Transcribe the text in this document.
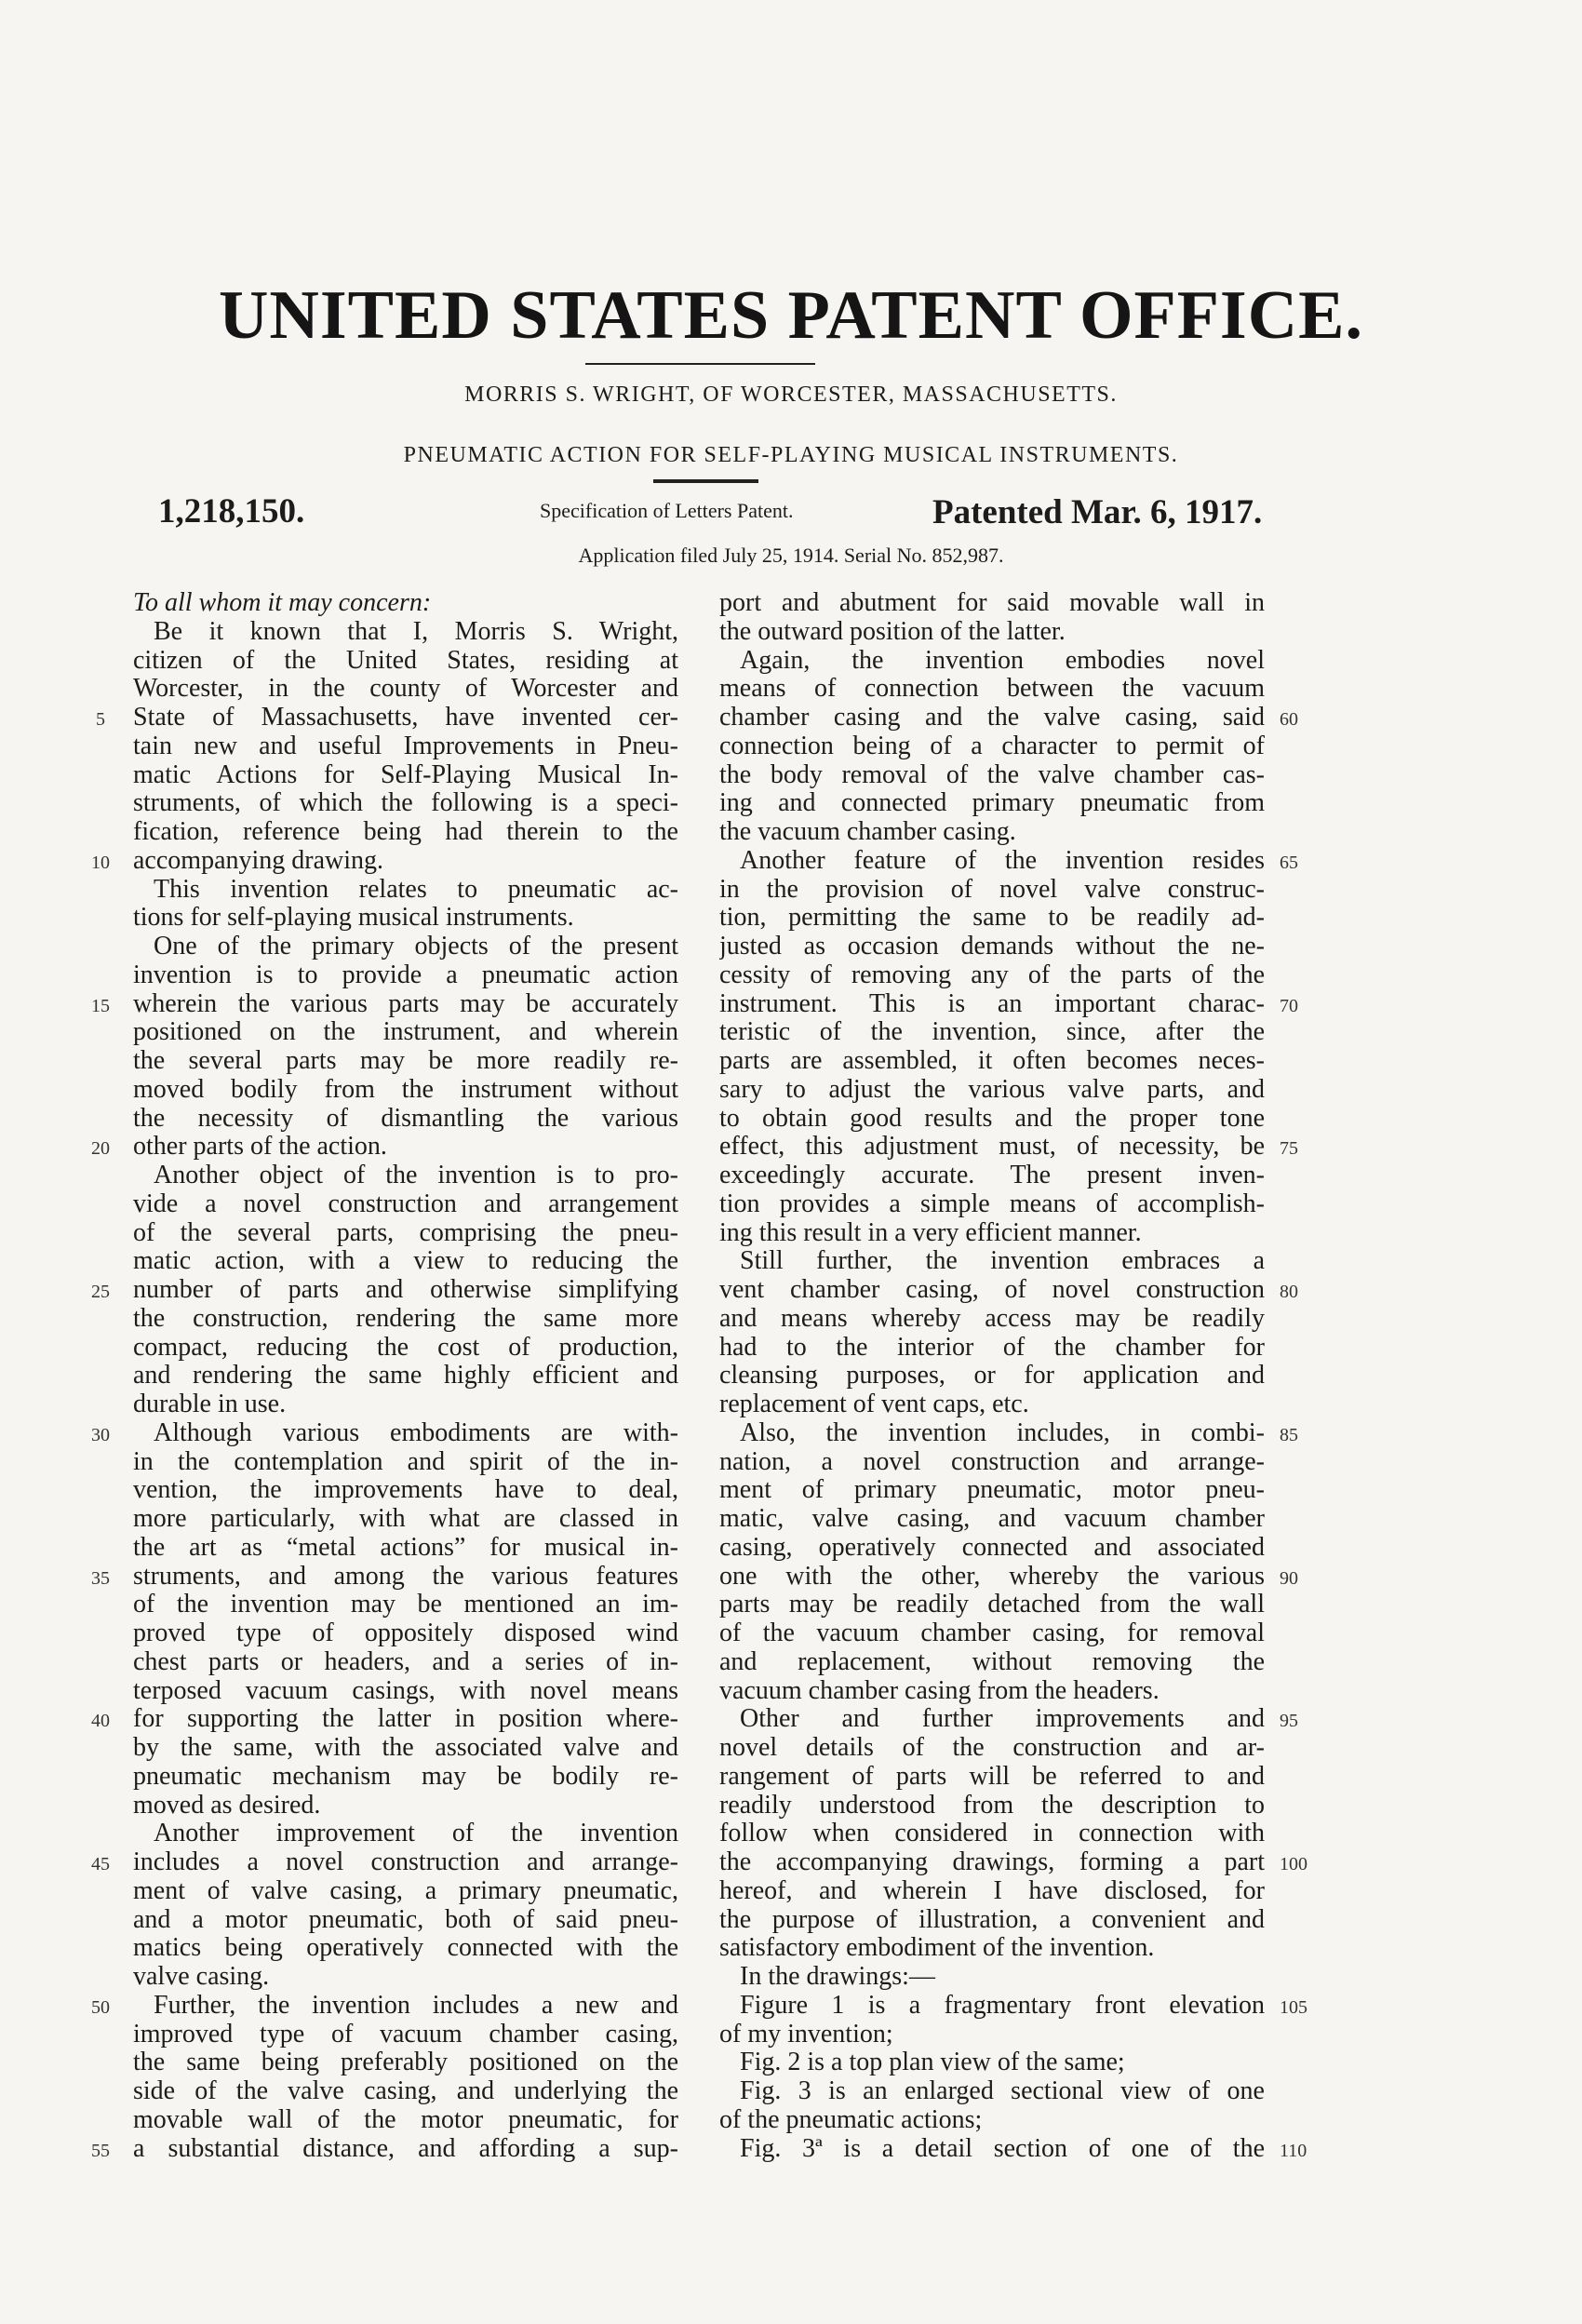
UNITED STATES PATENT OFFICE.
MORRIS S. WRIGHT, OF WORCESTER, MASSACHUSETTS.
PNEUMATIC ACTION FOR SELF-PLAYING MUSICAL INSTRUMENTS.
1,218,150.	Specification of Letters Patent.	Patented Mar. 6, 1917.
Application filed July 25, 1914. Serial No. 852,987.
To all whom it may concern:
Be it known that I, Morris S. Wright,
citizen of the United States, residing at
Worcester, in the county of Worcester and
State of Massachusetts, have invented cer-
tain new and useful Improvements in Pneu-
matic Actions for Self-Playing Musical In-
struments, of which the following is a speci-
fication, reference being had therein to the
accompanying drawing.
This invention relates to pneumatic ac-
tions for self-playing musical instruments.
One of the primary objects of the present
invention is to provide a pneumatic action
wherein the various parts may be accurately
positioned on the instrument, and wherein
the several parts may be more readily re-
moved bodily from the instrument without
the necessity of dismantling the various
other parts of the action.
Another object of the invention is to pro-
vide a novel construction and arrangement
of the several parts, comprising the pneu-
matic action, with a view to reducing the
number of parts and otherwise simplifying
the construction, rendering the same more
compact, reducing the cost of production,
and rendering the same highly efficient and
durable in use.
Although various embodiments are with-
in the contemplation and spirit of the in-
vention, the improvements have to deal,
more particularly, with what are classed in
the art as “metal actions” for musical in-
struments, and among the various features
of the invention may be mentioned an im-
proved type of oppositely disposed wind
chest parts or headers, and a series of in-
terposed vacuum casings, with novel means
for supporting the latter in position where-
by the same, with the associated valve and
pneumatic mechanism may be bodily re-
moved as desired.
Another improvement of the invention
includes a novel construction and arrange-
ment of valve casing, a primary pneumatic,
and a motor pneumatic, both of said pneu-
matics being operatively connected with the
valve casing.
Further, the invention includes a new and
improved type of vacuum chamber casing,
the same being preferably positioned on the
side of the valve casing, and underlying the
movable wall of the motor pneumatic, for
a substantial distance, and affording a sup-
port and abutment for said movable wall in
the outward position of the latter.
Again, the invention embodies novel
means of connection between the vacuum
chamber casing and the valve casing, said
connection being of a character to permit of
the body removal of the valve chamber cas-
ing and connected primary pneumatic from
the vacuum chamber casing.
Another feature of the invention resides
in the provision of novel valve construc-
tion, permitting the same to be readily ad-
justed as occasion demands without the ne-
cessity of removing any of the parts of the
instrument. This is an important charac-
teristic of the invention, since, after the
parts are assembled, it often becomes neces-
sary to adjust the various valve parts, and
to obtain good results and the proper tone
effect, this adjustment must, of necessity, be
exceedingly accurate. The present inven-
tion provides a simple means of accomplish-
ing this result in a very efficient manner.
Still further, the invention embraces a
vent chamber casing, of novel construction
and means whereby access may be readily
had to the interior of the chamber for
cleansing purposes, or for application and
replacement of vent caps, etc.
Also, the invention includes, in combi-
nation, a novel construction and arrange-
ment of primary pneumatic, motor pneu-
matic, valve casing, and vacuum chamber
casing, operatively connected and associated
one with the other, whereby the various
parts may be readily detached from the wall
of the vacuum chamber casing, for removal
and replacement, without removing the
vacuum chamber casing from the headers.
Other and further improvements and
novel details of the construction and ar-
rangement of parts will be referred to and
readily understood from the description to
follow when considered in connection with
the accompanying drawings, forming a part
hereof, and wherein I have disclosed, for
the purpose of illustration, a convenient and
satisfactory embodiment of the invention.
In the drawings:—
Figure 1 is a fragmentary front elevation
of my invention;
Fig. 2 is a top plan view of the same;
Fig. 3 is an enlarged sectional view of one
of the pneumatic actions;
Fig. 3ª is a detail section of one of the
5
10
15
20
25
30
35
40
45
50
55
60
65
70
75
80
85
90
95
100
105
110
